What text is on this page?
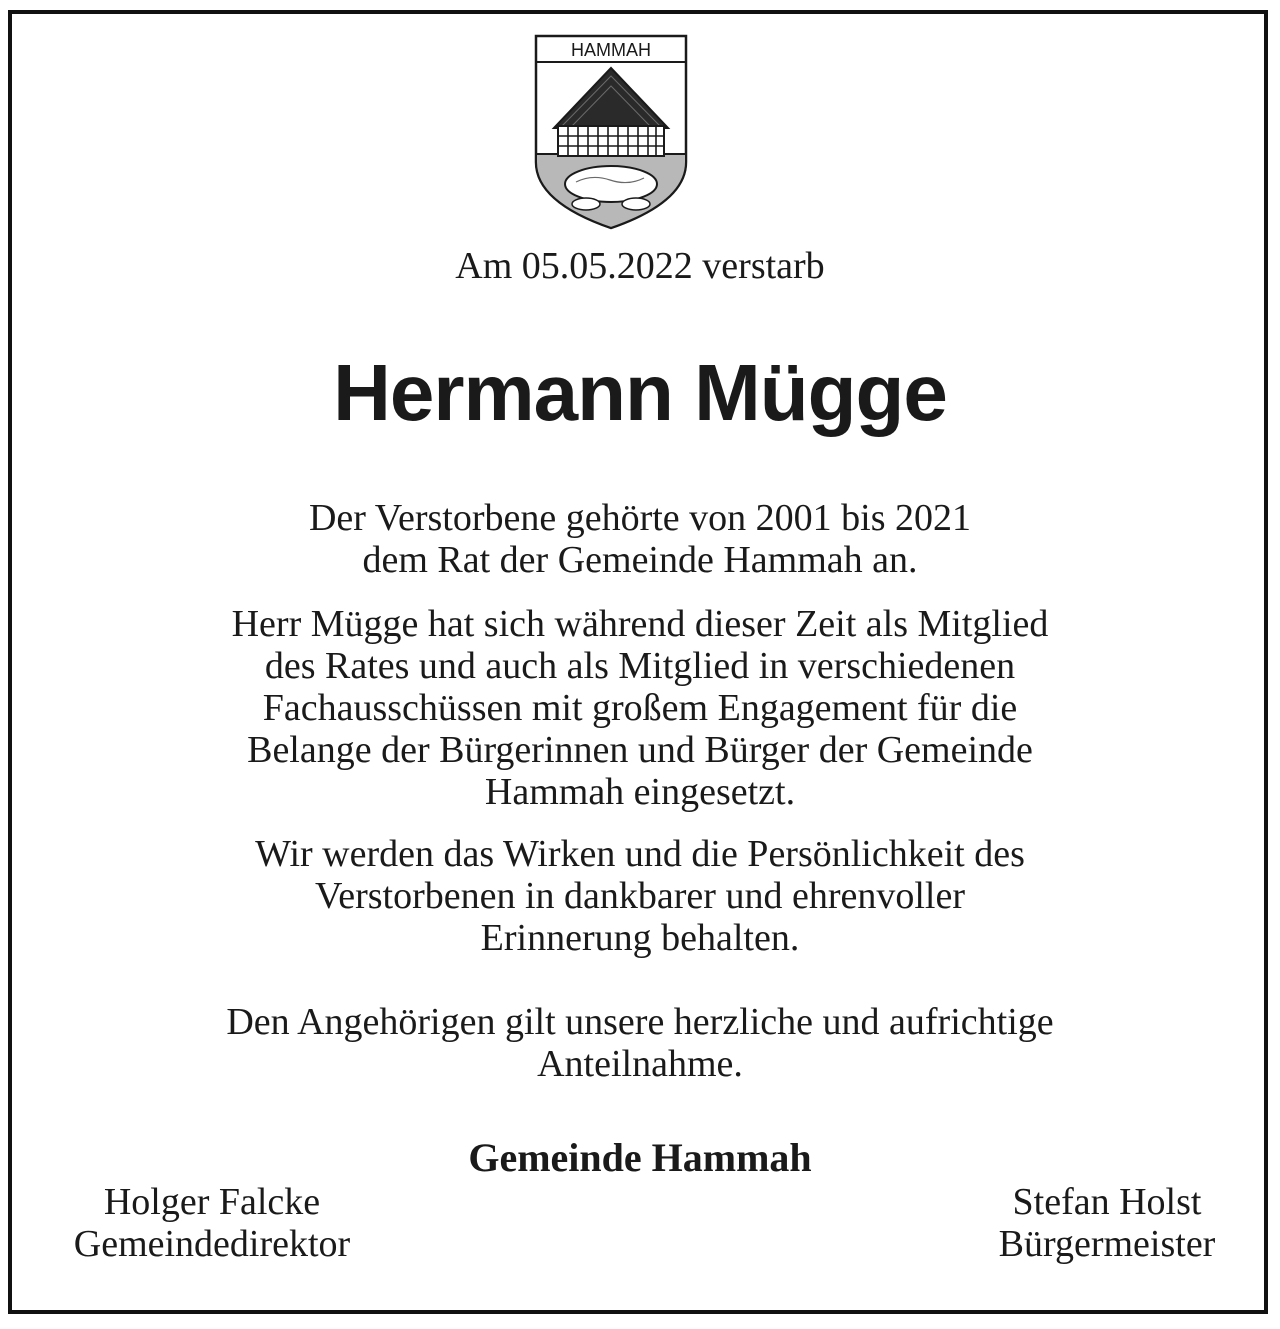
HAMMAH

Am 05.05.2022 verstarb

Hermann Mügge

Der Verstorbene gehörte von 2001 bis 2021
dem Rat der Gemeinde Hammah an.

Herr Mügge hat sich während dieser Zeit als Mitglied
des Rates und auch als Mitglied in verschiedenen
Fachausschüssen mit großem Engagement für die
Belange der Bürgerinnen und Bürger der Gemeinde
Hammah eingesetzt.

Wir werden das Wirken und die Persönlichkeit des
Verstorbenen in dankbarer und ehrenvoller
Erinnerung behalten.

Den Angehörigen gilt unsere herzliche und aufrichtige
Anteilnahme.

Gemeinde Hammah

Holger Falcke
Gemeindedirektor
Stefan Holst
Bürgermeister
